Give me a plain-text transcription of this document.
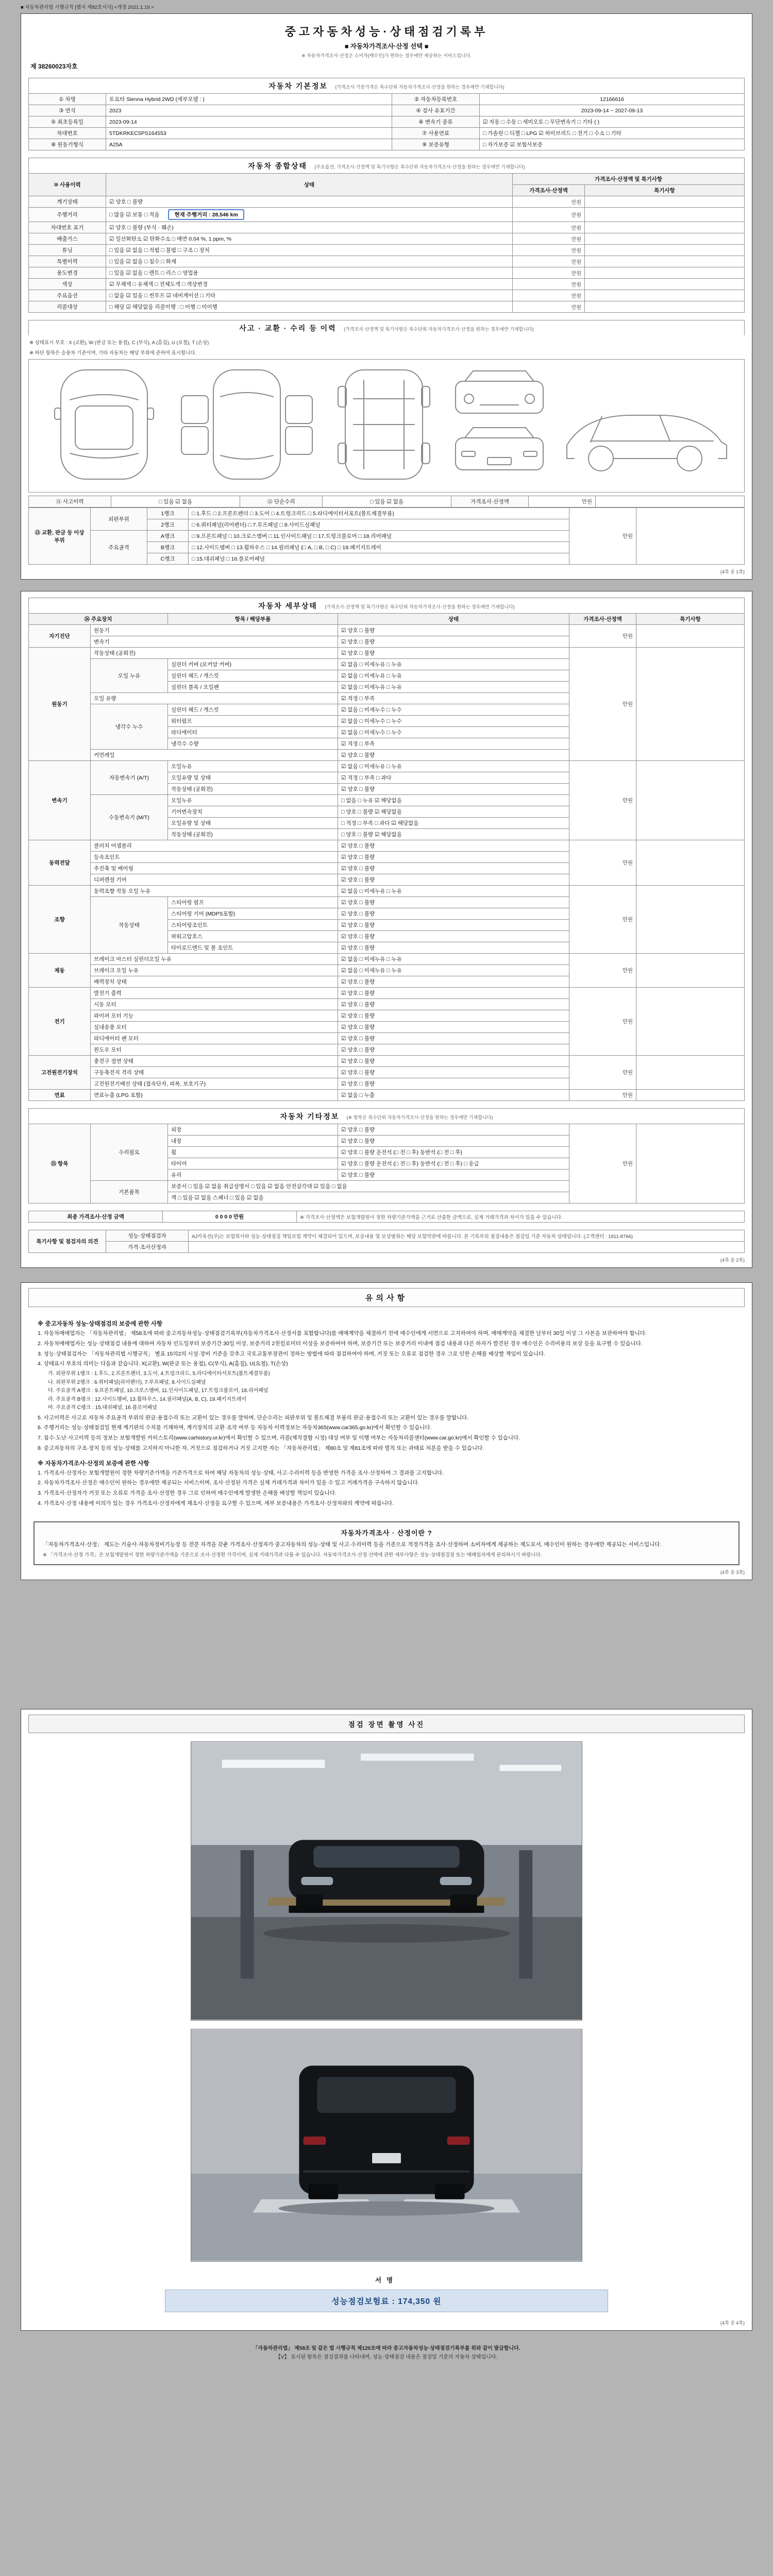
■ 자동차관리법 시행규칙 [별지 제82호서식] <개정 2021.1.19.>
중고자동차성능·상태점검기록부
■ 자동차가격조사·산정 선택 ■
※ 자동차가격조사·산정은 소비자(매수인)가 원하는 경우에만 제공하는 서비스입니다.
제 38260023자호
자동차 기본정보 (가격조사 기준가격은 복수단위 자동차가격조사·산정을 원하는 경우에만 기재합니다)
① 차명	토요타 Sienna Hybrid 2WD (세부모델 : )	② 자동차등록번호	12166616
③ 연식	2023	④ 검사 유효기간	2023-09-14 ~ 2027-09-13
⑤ 최초등록일	2023-09-14	⑥ 변속기 종류	☑ 자동 □ 수동 □ 세미오토 □ 무단변속기 □ 기타 ( )
차대번호	5TDKRKEC5PS164553	⑦ 사용연료	□ 가솔린 □ 디젤 □ LPG ☑ 하이브리드 □ 전기 □ 수소 □ 기타
⑧ 원동기형식	A25A	⑨ 보증유형	□ 자가보증 ☑ 보험사보증
자동차 종합상태 (주요옵션, 가격조사·산정액 및 특기사항은 복수단위 자동차가격조사·산정을 원하는 경우에만 기재합니다)
⑩ 사용이력	상태	가격조사·산정액 및 특기사항	
		가격조사·산정액	특기사항
계기상태	☑ 양호 □ 불량	만원	
주행거리	□ 많음 ☑ 보통 □ 적음 현재 주행거리 : 28,546 km	만원	
차대번호 표기	☑ 양호 □ 불량 (부식 · 훼손)	만원	
배출가스	☑ 일산화탄소 ☑ 탄화수소 □ 매연 0.04 %, 1 ppm, %	만원	
튜닝	□ 있음 ☑ 없음 □ 적법 □ 불법 □ 구조 □ 장치	만원	
특별이력	□ 있음 ☑ 없음 □ 침수 □ 화재	만원	
용도변경	□ 있음 ☑ 없음 □ 렌트 □ 리스 □ 영업용	만원	
색상	☑ 무채색 □ 유채색 □ 전체도색 □ 색상변경	만원	
주요옵션	□ 없음 ☑ 있음 □ 썬루프 ☑ 네비게이션 □ 기타	만원	
리콜대상	□ 해당 ☑ 해당없음 리콜이행 : □ 이행 □ 미이행	만원	
사고 · 교환 · 수리 등 이력 (가격조사·산정액 및 특기사항은 복수단위 자동차가격조사·산정을 원하는 경우에만 기재합니다)
※ 상태표시 부호 : X (교환), W (판금 또는 용접), C (부식), A (흠집), U (요철), T (손상)
※ 하단 항목은 승용차 기준이며, 기타 자동차는 해당 부위에 준하여 표시합니다.
⑪ 사고이력	□ 있음 ☑ 없음	⑫ 단순수리	□ 있음 ☑ 없음	가격조사·산정액	만원	
⑬ 교환, 판금 등 이상 부위	외판부위	1랭크	□ 1.후드 □ 2.프론트펜더 □ 3.도어 □ 4.트렁크리드 □ 5.라디에이터서포트(볼트체결부품)	만원	
		2랭크	□ 6.쿼터패널(리어펜더) □ 7.루프패널 □ 8.사이드실패널		
	주요골격	A랭크	□ 9.프론트패널 □ 10.크로스멤버 □ 11.인사이드패널 □ 17.트렁크플로어 □ 18.리어패널		
		B랭크	□ 12.사이드멤버 □ 13.휠하우스 □ 14.필러패널 (□ A, □ B, □ C) □ 19.패키지트레이		
		C랭크	□ 15.대쉬패널 □ 16.플로어패널		
(4쪽 중 1쪽)
자동차 세부상태 (가격조사·산정액 및 특기사항은 복수단위 자동차가격조사·산정을 원하는 경우에만 기재합니다)
⑭ 주요장치		항목 / 해당부품	상태	가격조사·산정액	특기사항
자기진단	원동기		☑ 양호 □ 불량	만원	
	변속기		☑ 양호 □ 불량		
원동기	작동상태 (공회전)		☑ 양호 □ 불량	만원	
	오일 누유	실린더 커버 (로커암 커버)	☑ 없음 □ 미세누유 □ 누유		
		실린더 헤드 / 개스킷	☑ 없음 □ 미세누유 □ 누유		
		실린더 블록 / 오일팬	☑ 없음 □ 미세누유 □ 누유		
	오일 유량		☑ 적정 □ 부족		
	냉각수 누수	실린더 헤드 / 개스킷	☑ 없음 □ 미세누수 □ 누수		
		워터펌프	☑ 없음 □ 미세누수 □ 누수		
		라디에이터	☑ 없음 □ 미세누수 □ 누수		
		냉각수 수량	☑ 적정 □ 부족		
	커먼레일		☑ 양호 □ 불량		
변속기	자동변속기 (A/T)	오일누유	☑ 없음 □ 미세누유 □ 누유	만원	
		오일유량 및 상태	☑ 적정 □ 부족 □ 과다		
		작동상태 (공회전)	☑ 양호 □ 불량		
	수동변속기 (M/T)	오일누유	□ 없음 □ 누유 ☑ 해당없음		
		기어변속장치	□ 양호 □ 불량 ☑ 해당없음		
		오일유량 및 상태	□ 적정 □ 부족 □ 과다 ☑ 해당없음		
		작동상태 (공회전)	□ 양호 □ 불량 ☑ 해당없음		
동력전달	클러치 어셈블리		☑ 양호 □ 불량	만원	
	등속조인트		☑ 양호 □ 불량		
	추진축 및 베어링		☑ 양호 □ 불량		
	디퍼렌셜 기어		☑ 양호 □ 불량		
조향	동력조향 작동 오일 누유		☑ 없음 □ 미세누유 □ 누유	만원	
	작동상태	스티어링 펌프	☑ 양호 □ 불량		
		스티어링 기어 (MDPS포함)	☑ 양호 □ 불량		
		스티어링조인트	☑ 양호 □ 불량		
		파워고압호스	☑ 양호 □ 불량		
		타이로드엔드 및 볼 조인트	☑ 양호 □ 불량		
제동	브레이크 마스터 실린더오일 누유		☑ 없음 □ 미세누유 □ 누유	만원	
	브레이크 오일 누유		☑ 없음 □ 미세누유 □ 누유		
	배력장치 상태		☑ 양호 □ 불량		
전기	발전기 출력		☑ 양호 □ 불량	만원	
	시동 모터		☑ 양호 □ 불량		
	와이퍼 모터 기능		☑ 양호 □ 불량		
	실내송풍 모터		☑ 양호 □ 불량		
	라디에이터 팬 모터		☑ 양호 □ 불량		
	윈도우 모터		☑ 양호 □ 불량		
고전원전기장치	충전구 절연 상태		☑ 양호 □ 불량	만원	
	구동축전지 격리 상태		☑ 양호 □ 불량		
	고전원전기배선 상태 (접속단자, 피복, 보호기구)		☑ 양호 □ 불량		
연료	연료누출 (LPG 포함)		☑ 없음 □ 누출	만원	
자동차 기타정보 (※ 항목은 복수단위 자동차가격조사·산정을 원하는 경우에만 기재합니다)
⑮ 항목	수리필요	외장	☑ 양호 □ 불량	만원	
		내장	☑ 양호 □ 불량		
		휠	☑ 양호 □ 불량 운전석 (□ 전 □ 후) 동반석 (□ 전 □ 후)		
		타이어	☑ 양호 □ 불량 운전석 (□ 전 □ 후) 동반석 (□ 전 □ 후) □ 응급		
		유리	☑ 양호 □ 불량		
	기본품목	보증서 □ 있음 ☑ 없음 취급설명서 □ 있음 ☑ 없음 안전삼각대 ☑ 있음 □ 없음			
		잭 □ 있음 ☑ 없음 스패너 □ 있음 ☑ 없음			
최종 가격조사·산정 금액	0 0 0 0 만원	※ 가격조사·산정액은 보험개발원이 정한 차량기준가액을 근거로 산출한 금액으로, 실제 거래가격과 차이가 있을 수 있습니다.
특기사항 및 점검자의 의견	성능·상태점검자	AJ카옥션(주)는 보험회사와 성능·상태점검 책임보험 계약이 체결되어 있으며, 보증내용 및 보상범위는 해당 보험약관에 따릅니다. 본 기록부의 점검내용은 점검일 기준 자동차 상태입니다. (고객센터 : 1811-8766)
	가격·조사산정자	
(4쪽 중 2쪽)
유의사항
※ 중고자동차 성능·상태점검의 보증에 관한 사항
1. 자동차매매업자는 「자동차관리법」 제58조에 따라 중고자동차성능·상태점검기록부(자동차가격조사·산정서를 포함합니다)를 매매계약을 체결하기 전에 매수인에게 서면으로 고지하여야 하며, 매매계약을 체결한 날부터 30일 이상 그 사본을 보관하여야 합니다.
2. 자동차매매업자는 성능·상태점검 내용에 대하여 자동차 인도일부터 보증기간 30일 이상, 보증거리 2천킬로미터 이상을 보증하여야 하며, 보증기간 또는 보증거리 이내에 점검 내용과 다른 하자가 발견된 경우 매수인은 수리비용의 보상 등을 요구할 수 있습니다.
3. 성능·상태점검자는 「자동차관리법 시행규칙」 별표 15의2의 시설·장비 기준을 갖추고 국토교통부장관이 정하는 방법에 따라 점검하여야 하며, 거짓 또는 오류로 점검한 경우 그로 인한 손해를 배상할 책임이 있습니다.
4. 상태표시 부호의 의미는 다음과 같습니다. X(교환), W(판금 또는 용접), C(부식), A(흠집), U(요철), T(손상)
가. 외판부위 1랭크 : 1.후드, 2.프론트펜더, 3.도어, 4.트렁크리드, 5.라디에이터서포트(볼트체결부품)
나. 외판부위 2랭크 : 6.쿼터패널(리어펜더), 7.루프패널, 8.사이드실패널
다. 주요골격 A랭크 : 9.프론트패널, 10.크로스멤버, 11.인사이드패널, 17.트렁크플로어, 18.리어패널
라. 주요골격 B랭크 : 12.사이드멤버, 13.휠하우스, 14.필러패널(A, B, C), 19.패키지트레이
마. 주요골격 C랭크 : 15.대쉬패널, 16.플로어패널
5. 사고이력은 사고로 자동차 주요골격 부위의 판금·용접수리 또는 교환이 있는 경우를 말하며, 단순수리는 외판부위 및 볼트체결 부품의 판금·용접수리 또는 교환이 있는 경우를 말합니다.
6. 주행거리는 성능·상태점검일 현재 계기판의 수치를 기재하며, 계기장치의 교환·조작 여부 등 자동차 이력정보는 자동차365(www.car365.go.kr)에서 확인할 수 있습니다.
7. 침수·도난·사고이력 등의 정보는 보험개발원 카히스토리(www.carhistory.or.kr)에서 확인할 수 있으며, 리콜(제작결함 시정) 대상 여부 및 이행 여부는 자동차리콜센터(www.car.go.kr)에서 확인할 수 있습니다.
8. 중고자동차의 구조·장치 등의 성능·상태를 고지하지 아니한 자, 거짓으로 점검하거나 거짓 고지한 자는 「자동차관리법」 제80조 및 제81조에 따라 벌칙 또는 과태료 처분을 받을 수 있습니다.
※ 자동차가격조사·산정의 보증에 관한 사항
1. 가격조사·산정자는 보험개발원이 정한 차량기준가액을 기준가격으로 하여 해당 자동차의 성능·상태, 사고·수리이력 등을 반영한 가격을 조사·산정하여 그 결과를 고지합니다.
2. 자동차가격조사·산정은 매수인이 원하는 경우에만 제공되는 서비스이며, 조사·산정된 가격은 실제 거래가격과 차이가 있을 수 있고 거래가격을 구속하지 않습니다.
3. 가격조사·산정자가 거짓 또는 오류로 가격을 조사·산정한 경우 그로 인하여 매수인에게 발생한 손해를 배상할 책임이 있습니다.
4. 가격조사·산정 내용에 이의가 있는 경우 가격조사·산정자에게 재조사·산정을 요구할 수 있으며, 세부 보증내용은 가격조사·산정자와의 계약에 따릅니다.
자동차가격조사 · 산정이란 ?
「자동차가격조사·산정」 제도는 기술사·자동차정비기능장 등 전문 자격을 갖춘 가격조사·산정자가 중고자동차의 성능·상태 및 사고·수리이력 등을 기준으로 적정가격을 조사·산정하여 소비자에게 제공하는 제도로서, 매수인이 원하는 경우에만 제공되는 서비스입니다.
※ 「가격조사·산정 가격」은 보험개발원이 정한 차량기준가액을 기준으로 조사·산정한 가격이며, 실제 거래가격과 다를 수 있습니다. 자동차가격조사·산정 선택에 관한 세부사항은 성능·상태점검장 또는 매매업자에게 문의하시기 바랍니다.
(4쪽 중 3쪽)
점검 장면 촬영 사진
서명
성능점검보험료 : 174,350 원
(4쪽 중 4쪽)
「자동차관리법」 제58조 및 같은 법 시행규칙 제120조에 따라 중고자동차성능·상태점검기록부를 위와 같이 발급합니다.
【V】 표시된 항목은 점검결과를 나타내며, 성능·상태점검 내용은 점검일 기준의 자동차 상태입니다.
